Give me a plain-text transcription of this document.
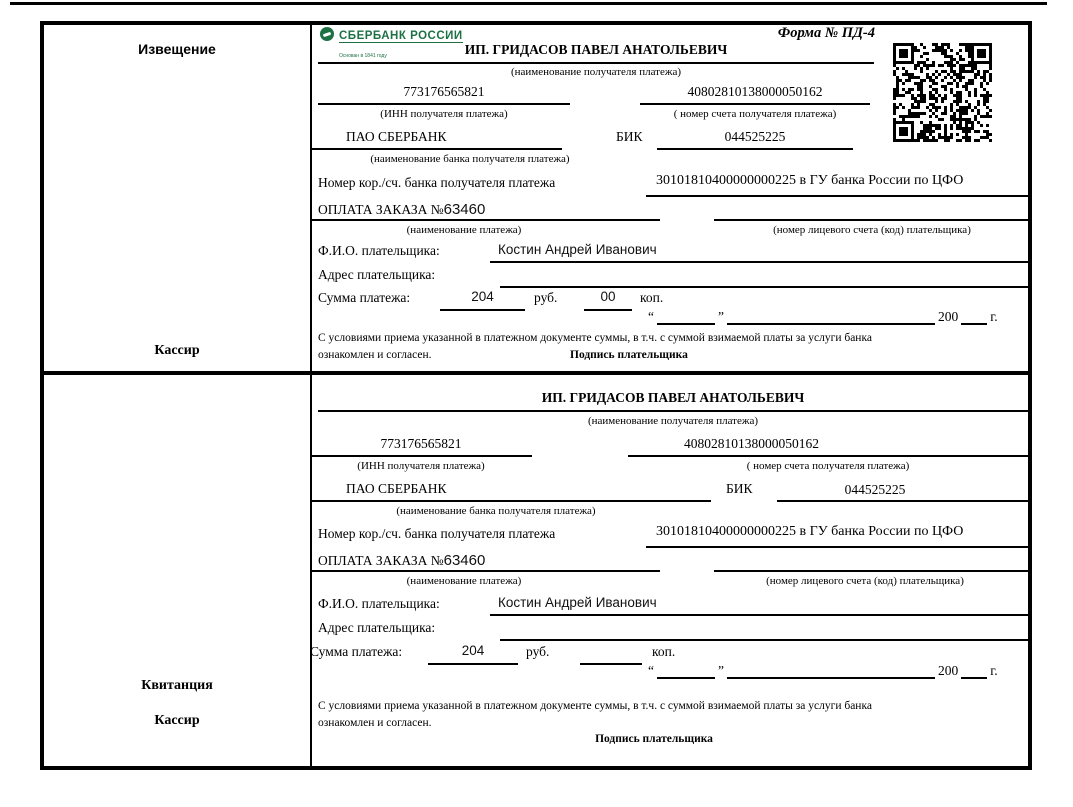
Извещение
Кассир
СБЕРБАНК РОССИИ
Основан в 1841 году
Форма № ПД-4
ИП. ГРИДАСОВ ПАВЕЛ АНАТОЛЬЕВИЧ
(наименование получателя платежа)
773176565821	40802810138000050162
(ИНН получателя платежа)	( номер счета получателя платежа)
ПАО СБЕРБАНК	БИК	044525225
(наименование банка получателя платежа)
Номер кор./сч. банка получателя платежа	30101810400000000225 в ГУ банка России по ЦФО
ОПЛАТА ЗАКАЗА №63460
(наименование платежа)	(номер лицевого счета (код) плательщика)
Ф.И.О. плательщика:	Костин Андрей Иванович
Адрес плательщика:
Сумма платежа:	204	руб.	00	коп.
“	”	200 г.
С условиями приема указанной в платежном документе суммы, в т.ч. с суммой взимаемой платы за услуги банка
ознакомлен и согласен.	Подпись плательщика
Квитанция
Кассир
ИП. ГРИДАСОВ ПАВЕЛ АНАТОЛЬЕВИЧ
(наименование получателя платежа)
773176565821	40802810138000050162
(ИНН получателя платежа)	( номер счета получателя платежа)
ПАО СБЕРБАНК	БИК	044525225
(наименование банка получателя платежа)
Номер кор./сч. банка получателя платежа	30101810400000000225 в ГУ банка России по ЦФО
ОПЛАТА ЗАКАЗА №63460
(наименование платежа)	(номер лицевого счета (код) плательщика)
Ф.И.О. плательщика:	Костин Андрей Иванович
Адрес плательщика:
Сумма платежа:	204	руб.	коп.
“	”	200 г.
С условиями приема указанной в платежном документе суммы, в т.ч. с суммой взимаемой платы за услуги банка
ознакомлен и согласен.
Подпись плательщика
